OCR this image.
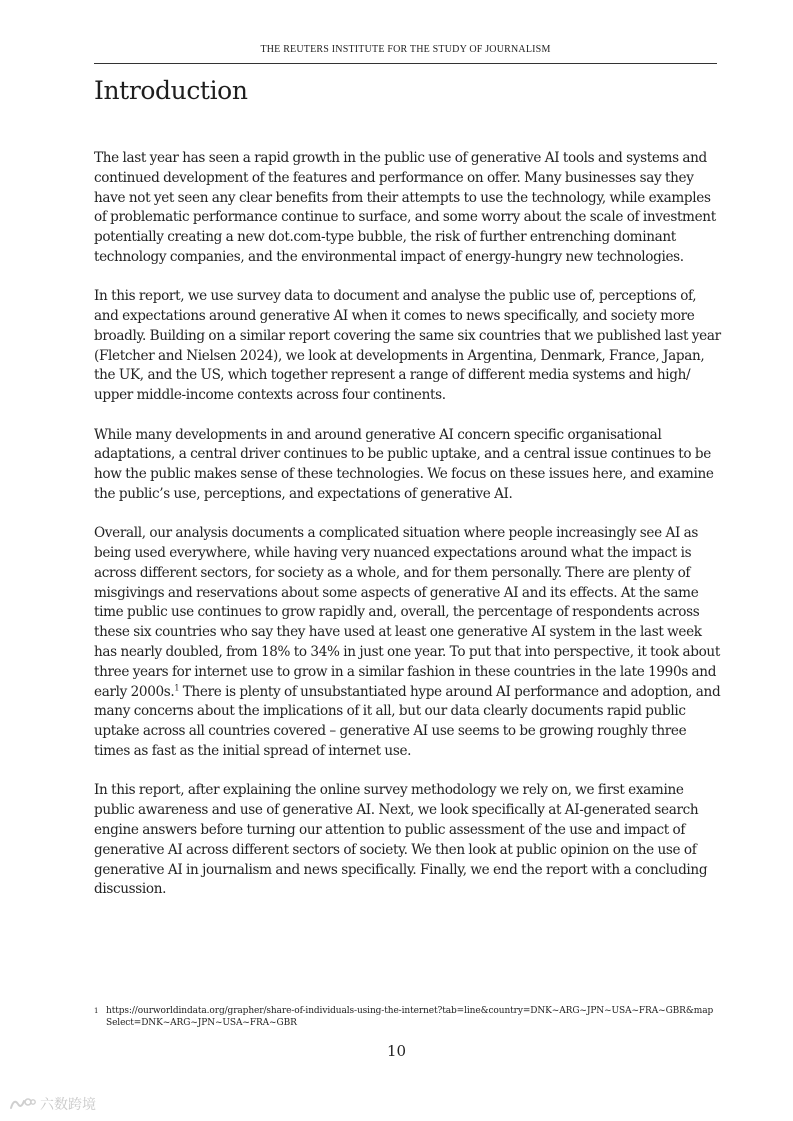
THE REUTERS INSTITUTE FOR THE STUDY OF JOURNALISM
Introduction

The last year has seen a rapid growth in the public use of generative AI tools and systems and continued development of the features and performance on offer. Many businesses say they have not yet seen any clear benefits from their attempts to use the technology, while examples of problematic performance continue to surface, and some worry about the scale of investment potentially creating a new dot.com-type bubble, the risk of further entrenching dominant technology companies, and the environmental impact of energy-hungry new technologies.

In this report, we use survey data to document and analyse the public use of, perceptions of, and expectations around generative AI when it comes to news specifically, and society more broadly. Building on a similar report covering the same six countries that we published last year (Fletcher and Nielsen 2024), we look at developments in Argentina, Denmark, France, Japan, the UK, and the US, which together represent a range of different media systems and high/ upper middle-income contexts across four continents.

While many developments in and around generative AI concern specific organisational adaptations, a central driver continues to be public uptake, and a central issue continues to be how the public makes sense of these technologies. We focus on these issues here, and examine the public’s use, perceptions, and expectations of generative AI.

Overall, our analysis documents a complicated situation where people increasingly see AI as being used everywhere, while having very nuanced expectations around what the impact is across different sectors, for society as a whole, and for them personally. There are plenty of misgivings and reservations about some aspects of generative AI and its effects. At the same time public use continues to grow rapidly and, overall, the percentage of respondents across these six countries who say they have used at least one generative AI system in the last week has nearly doubled, from 18% to 34% in just one year. To put that into perspective, it took about three years for internet use to grow in a similar fashion in these countries in the late 1990s and early 2000s.$^1$ There is plenty of unsubstantiated hype around AI performance and adoption, and many concerns about the implications of it all, but our data clearly documents rapid public uptake across all countries covered – generative AI use seems to be growing roughly three times as fast as the initial spread of internet use.

In this report, after explaining the online survey methodology we rely on, we first examine public awareness and use of generative AI. Next, we look specifically at AI-generated search engine answers before turning our attention to public assessment of the use and impact of generative AI across different sectors of society. We then look at public opinion on the use of generative AI in journalism and news specifically. Finally, we end the report with a concluding discussion.

1 https://ourworldindata.org/grapher/share-of-individuals-using-the-internet?tab=line&country=DNK~ARG~JPN~USA~FRA~GBR&mapSelect=DNK~ARG~JPN~USA~FRA~GBR
10
六数跨境
